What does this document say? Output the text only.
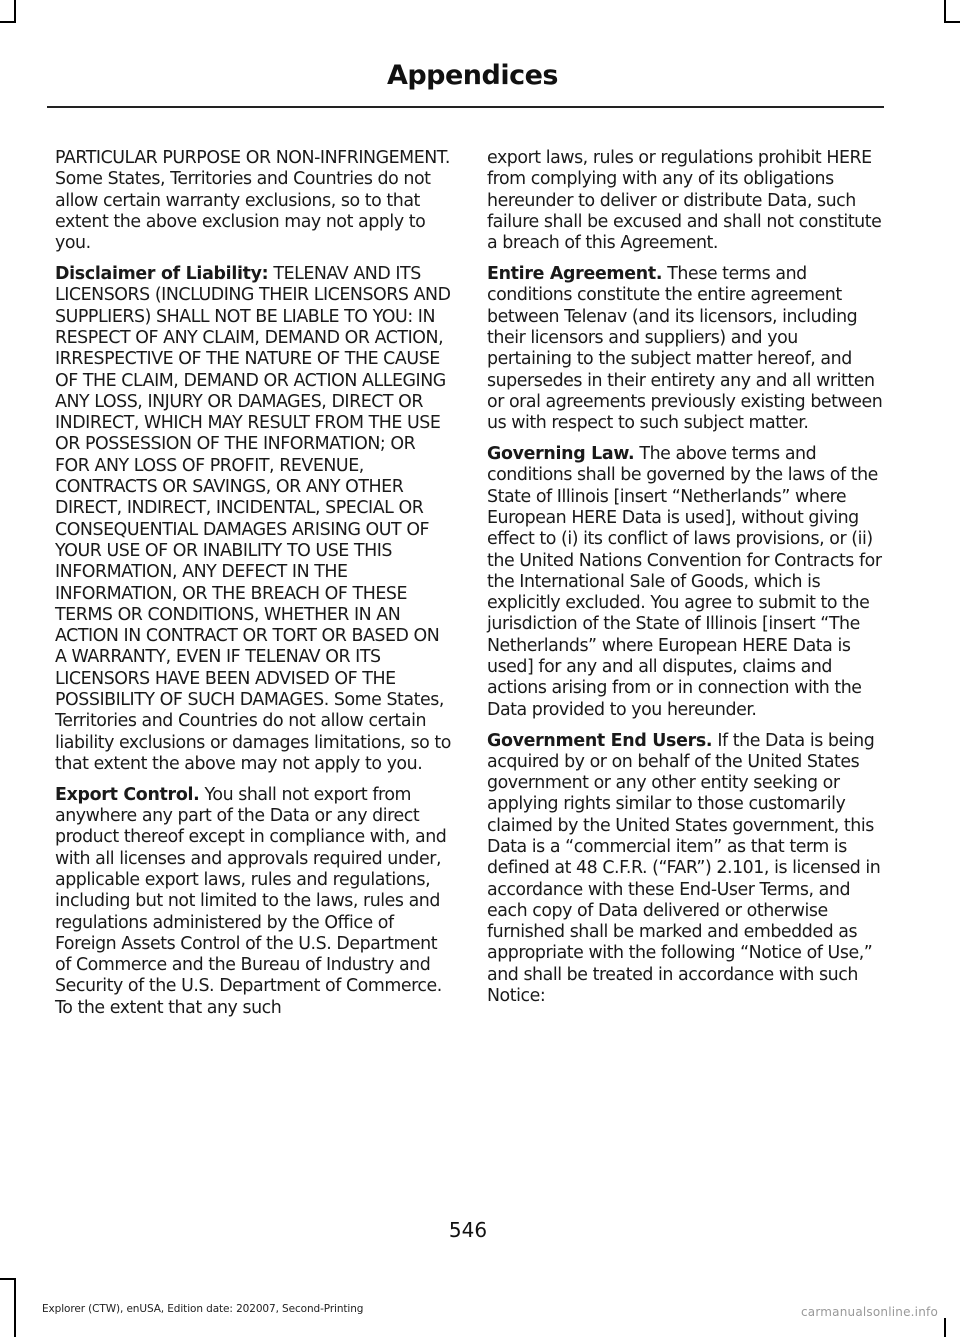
Appendices

PARTICULAR PURPOSE OR NON-INFRINGEMENT. Some States, Territories and Countries do not allow certain warranty exclusions, so to that extent the above exclusion may not apply to you.

Disclaimer of Liability: TELENAV AND ITS LICENSORS (INCLUDING THEIR LICENSORS AND SUPPLIERS) SHALL NOT BE LIABLE TO YOU: IN RESPECT OF ANY CLAIM, DEMAND OR ACTION, IRRESPECTIVE OF THE NATURE OF THE CAUSE OF THE CLAIM, DEMAND OR ACTION ALLEGING ANY LOSS, INJURY OR DAMAGES, DIRECT OR INDIRECT, WHICH MAY RESULT FROM THE USE OR POSSESSION OF THE INFORMATION; OR FOR ANY LOSS OF PROFIT, REVENUE, CONTRACTS OR SAVINGS, OR ANY OTHER DIRECT, INDIRECT, INCIDENTAL, SPECIAL OR CONSEQUENTIAL DAMAGES ARISING OUT OF YOUR USE OF OR INABILITY TO USE THIS INFORMATION, ANY DEFECT IN THE INFORMATION, OR THE BREACH OF THESE TERMS OR CONDITIONS, WHETHER IN AN ACTION IN CONTRACT OR TORT OR BASED ON A WARRANTY, EVEN IF TELENAV OR ITS LICENSORS HAVE BEEN ADVISED OF THE POSSIBILITY OF SUCH DAMAGES. Some States, Territories and Countries do not allow certain liability exclusions or damages limitations, so to that extent the above may not apply to you.

Export Control. You shall not export from anywhere any part of the Data or any direct product thereof except in compliance with, and with all licenses and approvals required under, applicable export laws, rules and regulations, including but not limited to the laws, rules and regulations administered by the Office of Foreign Assets Control of the U.S. Department of Commerce and the Bureau of Industry and Security of the U.S. Department of Commerce. To the extent that any such

export laws, rules or regulations prohibit HERE from complying with any of its obligations hereunder to deliver or distribute Data, such failure shall be excused and shall not constitute a breach of this Agreement.

Entire Agreement. These terms and conditions constitute the entire agreement between Telenav (and its licensors, including their licensors and suppliers) and you pertaining to the subject matter hereof, and supersedes in their entirety any and all written or oral agreements previously existing between us with respect to such subject matter.

Governing Law. The above terms and conditions shall be governed by the laws of the State of Illinois [insert “Netherlands” where European HERE Data is used], without giving effect to (i) its conflict of laws provisions, or (ii) the United Nations Convention for Contracts for the International Sale of Goods, which is explicitly excluded. You agree to submit to the jurisdiction of the State of Illinois [insert “The Netherlands” where European HERE Data is used] for any and all disputes, claims and actions arising from or in connection with the Data provided to you hereunder.

Government End Users. If the Data is being acquired by or on behalf of the United States government or any other entity seeking or applying rights similar to those customarily claimed by the United States government, this Data is a “commercial item” as that term is defined at 48 C.F.R. (“FAR”) 2.101, is licensed in accordance with these End-User Terms, and each copy of Data delivered or otherwise furnished shall be marked and embedded as appropriate with the following “Notice of Use,” and shall be treated in accordance with such Notice:

546
Explorer (CTW), enUSA, Edition date: 202007, Second-Printing	carmanualsonline.info
